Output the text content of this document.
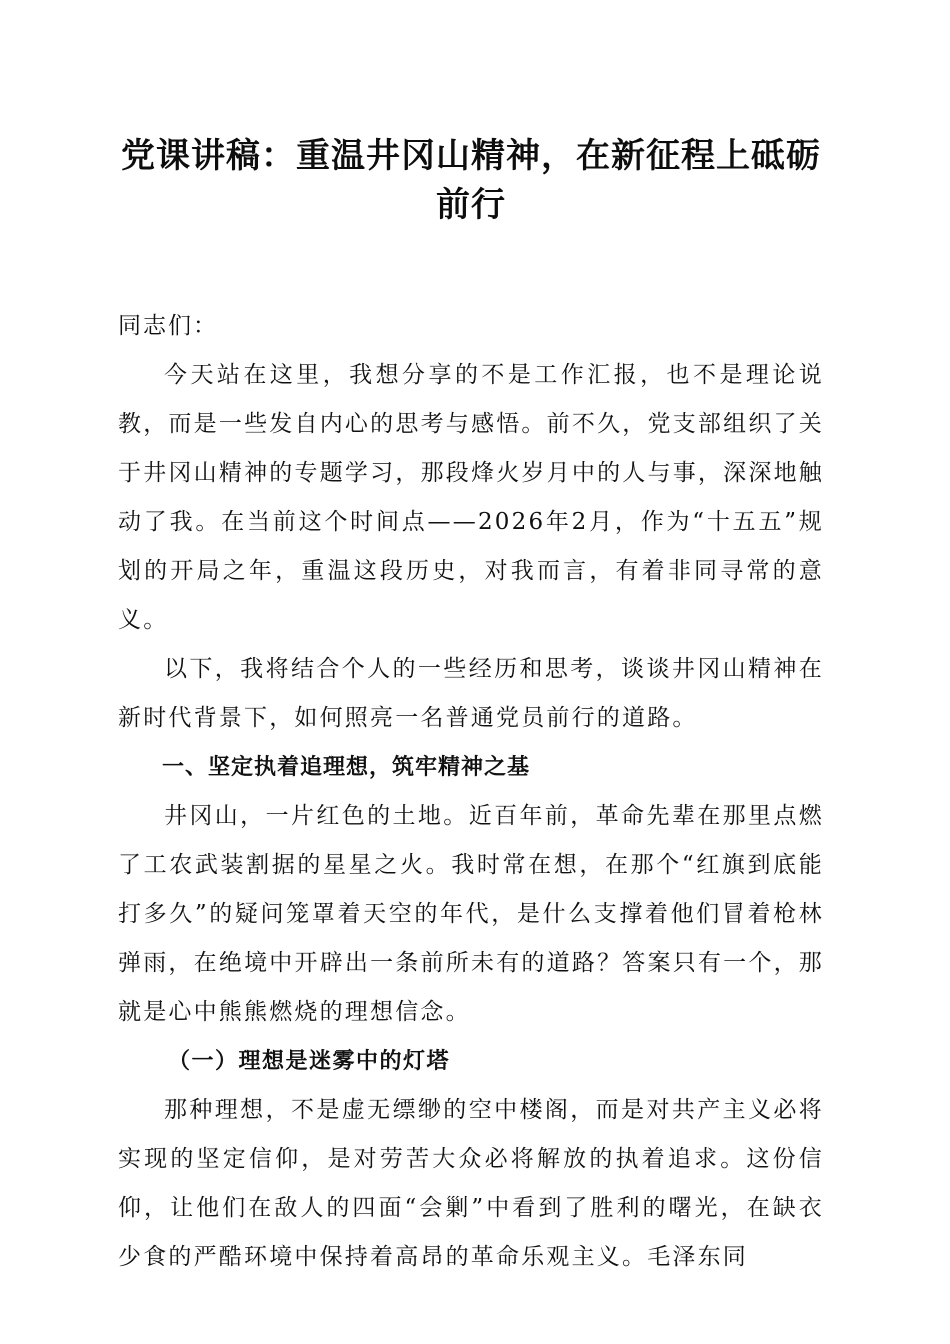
党课讲稿：重温井冈山精神，在新征程上砥砺前行

同志们：

今天站在这里，我想分享的不是工作汇报，也不是理论说教，而是一些发自内心的思考与感悟。前不久，党支部组织了关于井冈山精神的专题学习，那段烽火岁月中的人与事，深深地触动了我。在当前这个时间点——2026年2月，作为“十五五”规划的开局之年，重温这段历史，对我而言，有着非同寻常的意义。

以下，我将结合个人的一些经历和思考，谈谈井冈山精神在新时代背景下，如何照亮一名普通党员前行的道路。

一、坚定执着追理想，筑牢精神之基

井冈山，一片红色的土地。近百年前，革命先辈在那里点燃了工农武装割据的星星之火。我时常在想，在那个“红旗到底能打多久”的疑问笼罩着天空的年代，是什么支撑着他们冒着枪林弹雨，在绝境中开辟出一条前所未有的道路？答案只有一个，那就是心中熊熊燃烧的理想信念。

（一）理想是迷雾中的灯塔

那种理想，不是虚无缥缈的空中楼阁，而是对共产主义必将实现的坚定信仰，是对劳苦大众必将解放的执着追求。这份信仰，让他们在敌人的四面“会剿”中看到了胜利的曙光，在缺衣少食的严酷环境中保持着高昂的革命乐观主义。毛泽东同
